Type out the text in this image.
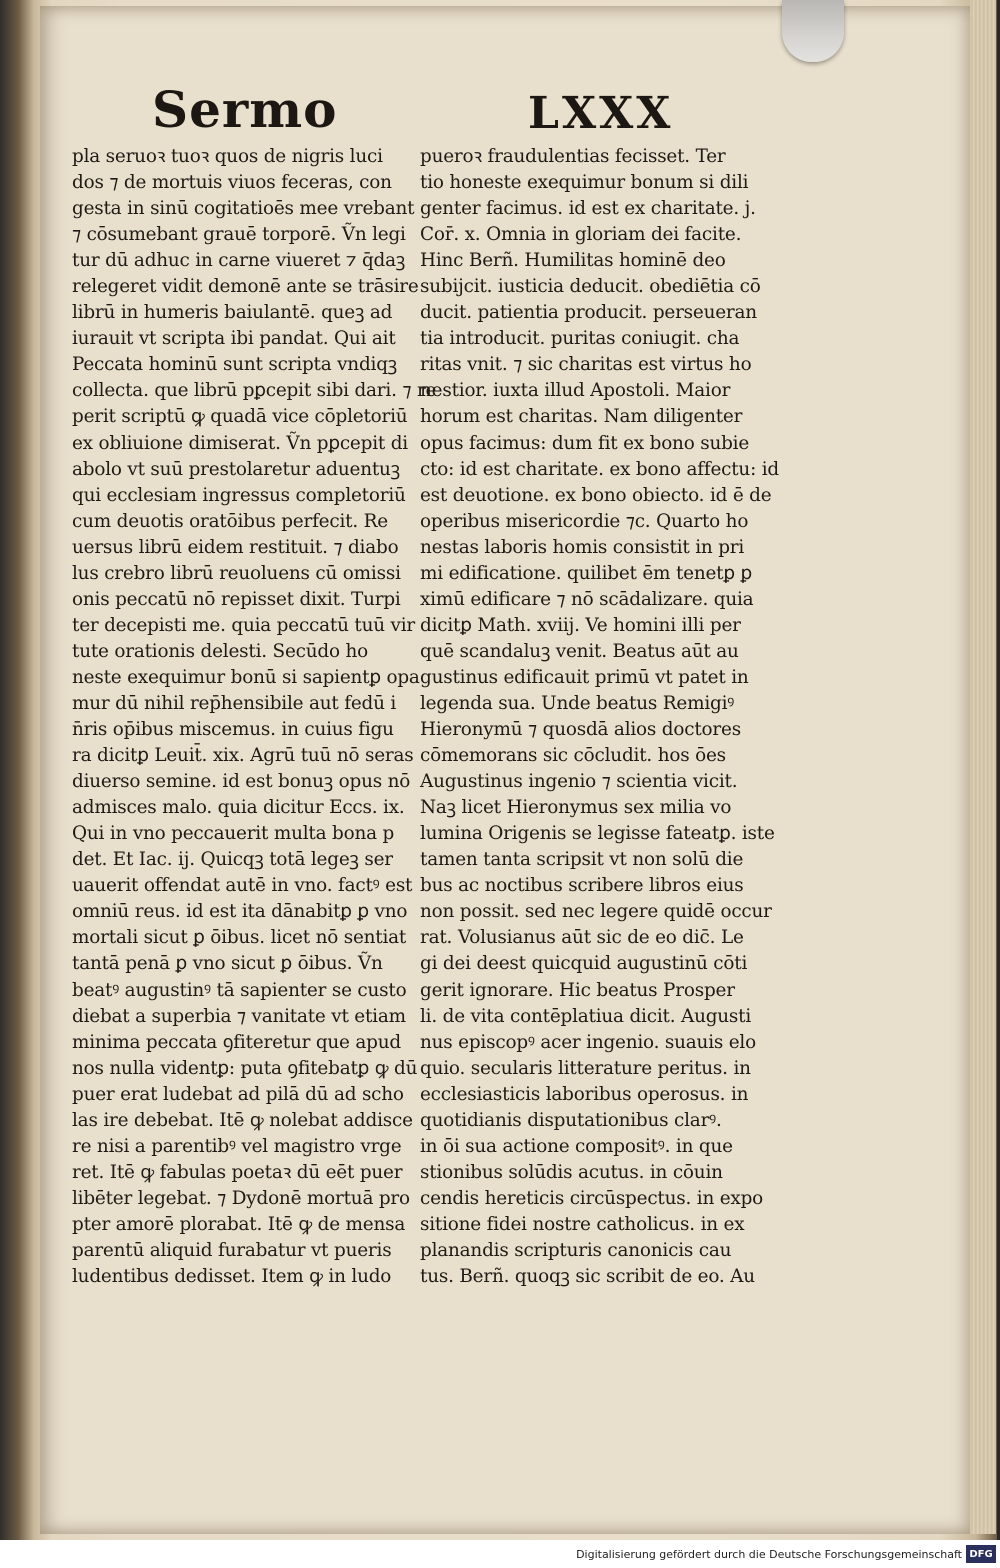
Sermo	LXXX
pla seruoꝛ tuoꝛ quos de nigris luci
dos ⁊ de mortuis viuos feceras, con
gesta in sinū cogitatioēs mee vrebant
⁊ cōsumebant grauē torporē. Ṽn legi
tur dū adhuc in carne viueret ⁊ q̄daꝫ
relegeret vidit demonē ante se trāsire
librū in humeris baiulantē. queꝫ ad
iurauit vt scripta ibi pandat. Qui ait
Peccata hominū sunt scripta vndiqꝫ
collecta. que librū pꝑcepit sibi dari. ⁊ re
perit scriptū ꝙ quadā vice cōpletoriū
ex obliuione dimiserat. Ṽn pꝑcepit di
abolo vt suū prestolaretur aduentuꝫ
qui ecclesiam ingressus completoriū
cum deuotis oratōibus perfecit. Re
uersus librū eidem restituit. ⁊ diabo
lus crebro librū reuoluens cū omissi
onis peccatū nō repisset dixit. Turpi
ter decepisti me. quia peccatū tuū vir
tute orationis delesti. Secūdo ho
neste exequimur bonū si sapientꝑ opa
mur dū nihil rep̄hensibile aut fedū i
n̄ris op̄ibus miscemus. in cuius figu
ra dicitꝑ Leuit̄. xix. Agrū tuū nō seras
diuerso semine. id est bonuꝫ opus nō
admisces malo. quia dicitur Eccs. ix.
Qui in vno peccauerit multa bona p
det. Et Iac. ij. Quicqꝫ totā legeꝫ ser
uauerit offendat autē in vno. factꝰ est
omniū reus. id est ita dānabitꝑ ꝑ vno
mortali sicut ꝑ ōibus. licet nō sentiat
tantā penā ꝑ vno sicut ꝑ ōibus. Ṽn
beatꝰ augustinꝰ tā sapienter se custo
diebat a superbia ⁊ vanitate vt etiam
minima peccata ꝯfiteretur que apud
nos nulla videntꝑ: puta ꝯfitebatꝑ ꝙ dū
puer erat ludebat ad pilā dū ad scho
las ire debebat. Itē ꝙ nolebat addisce
re nisi a parentibꝰ vel magistro vrge
ret. Itē ꝙ fabulas poetaꝛ dū eēt puer
libēter legebat. ⁊ Dydonē mortuā pro
pter amorē plorabat. Itē ꝙ de mensa
parentū aliquid furabatur vt pueris
ludentibus dedisset. Item ꝙ in ludo
pueroꝛ fraudulentias fecisset. Ter
tio honeste exequimur bonum si dili
genter facimus. id est ex charitate. j.
Cor̄. x. Omnia in gloriam dei facite.
Hinc Berñ. Humilitas hominē deo
subijcit. iusticia deducit. obediētia cō
ducit. patientia producit. perseueran
tia introducit. puritas coniugit. cha
ritas vnit. ⁊ sic charitas est virtus ho
nestior. iuxta illud Apostoli. Maior
horum est charitas. Nam diligenter
opus facimus: dum fit ex bono subie
cto: id est charitate. ex bono affectu: id
est deuotione. ex bono obiecto. id ē de
operibus misericordie ⁊c. Quarto ho
nestas laboris homis consistit in pri
mi edificatione. quilibet ēm tenetꝑ ꝑ
ximū edificare ⁊ nō scādalizare. quia
dicitꝑ Math. xviij. Ve homini illi per
quē scandaluꝫ venit. Beatus aūt au
gustinus edificauit primū vt patet in
legenda sua. Unde beatus Remigiꝰ
Hieronymū ⁊ quosdā alios doctores
cōmemorans sic cōcludit. hos ōes
Augustinus ingenio ⁊ scientia vicit.
Naꝫ licet Hieronymus sex milia vo
lumina Origenis se legisse fateatꝑ. iste
tamen tanta scripsit vt non solū die
bus ac noctibus scribere libros eius
non possit. sed nec legere quidē occur
rat. Volusianus aūt sic de eo dic̄. Le
gi dei deest quicquid augustinū cōti
gerit ignorare. Hic beatus Prosper
li. de vita contēplatiua dicit. Augusti
nus episcopꝰ acer ingenio. suauis elo
quio. secularis litterature peritus. in
ecclesiasticis laboribus operosus. in
quotidianis disputationibus clarꝰ.
in ōi sua actione compositꝰ. in que
stionibus solūdis acutus. in cōuin
cendis hereticis circūspectus. in expo
sitione fidei nostre catholicus. in ex
planandis scripturis canonicis cau
tus. Berñ. quoqꝫ sic scribit de eo. Au
Digitalisierung gefördert durch die Deutsche Forschungsgemeinschaft DFG
